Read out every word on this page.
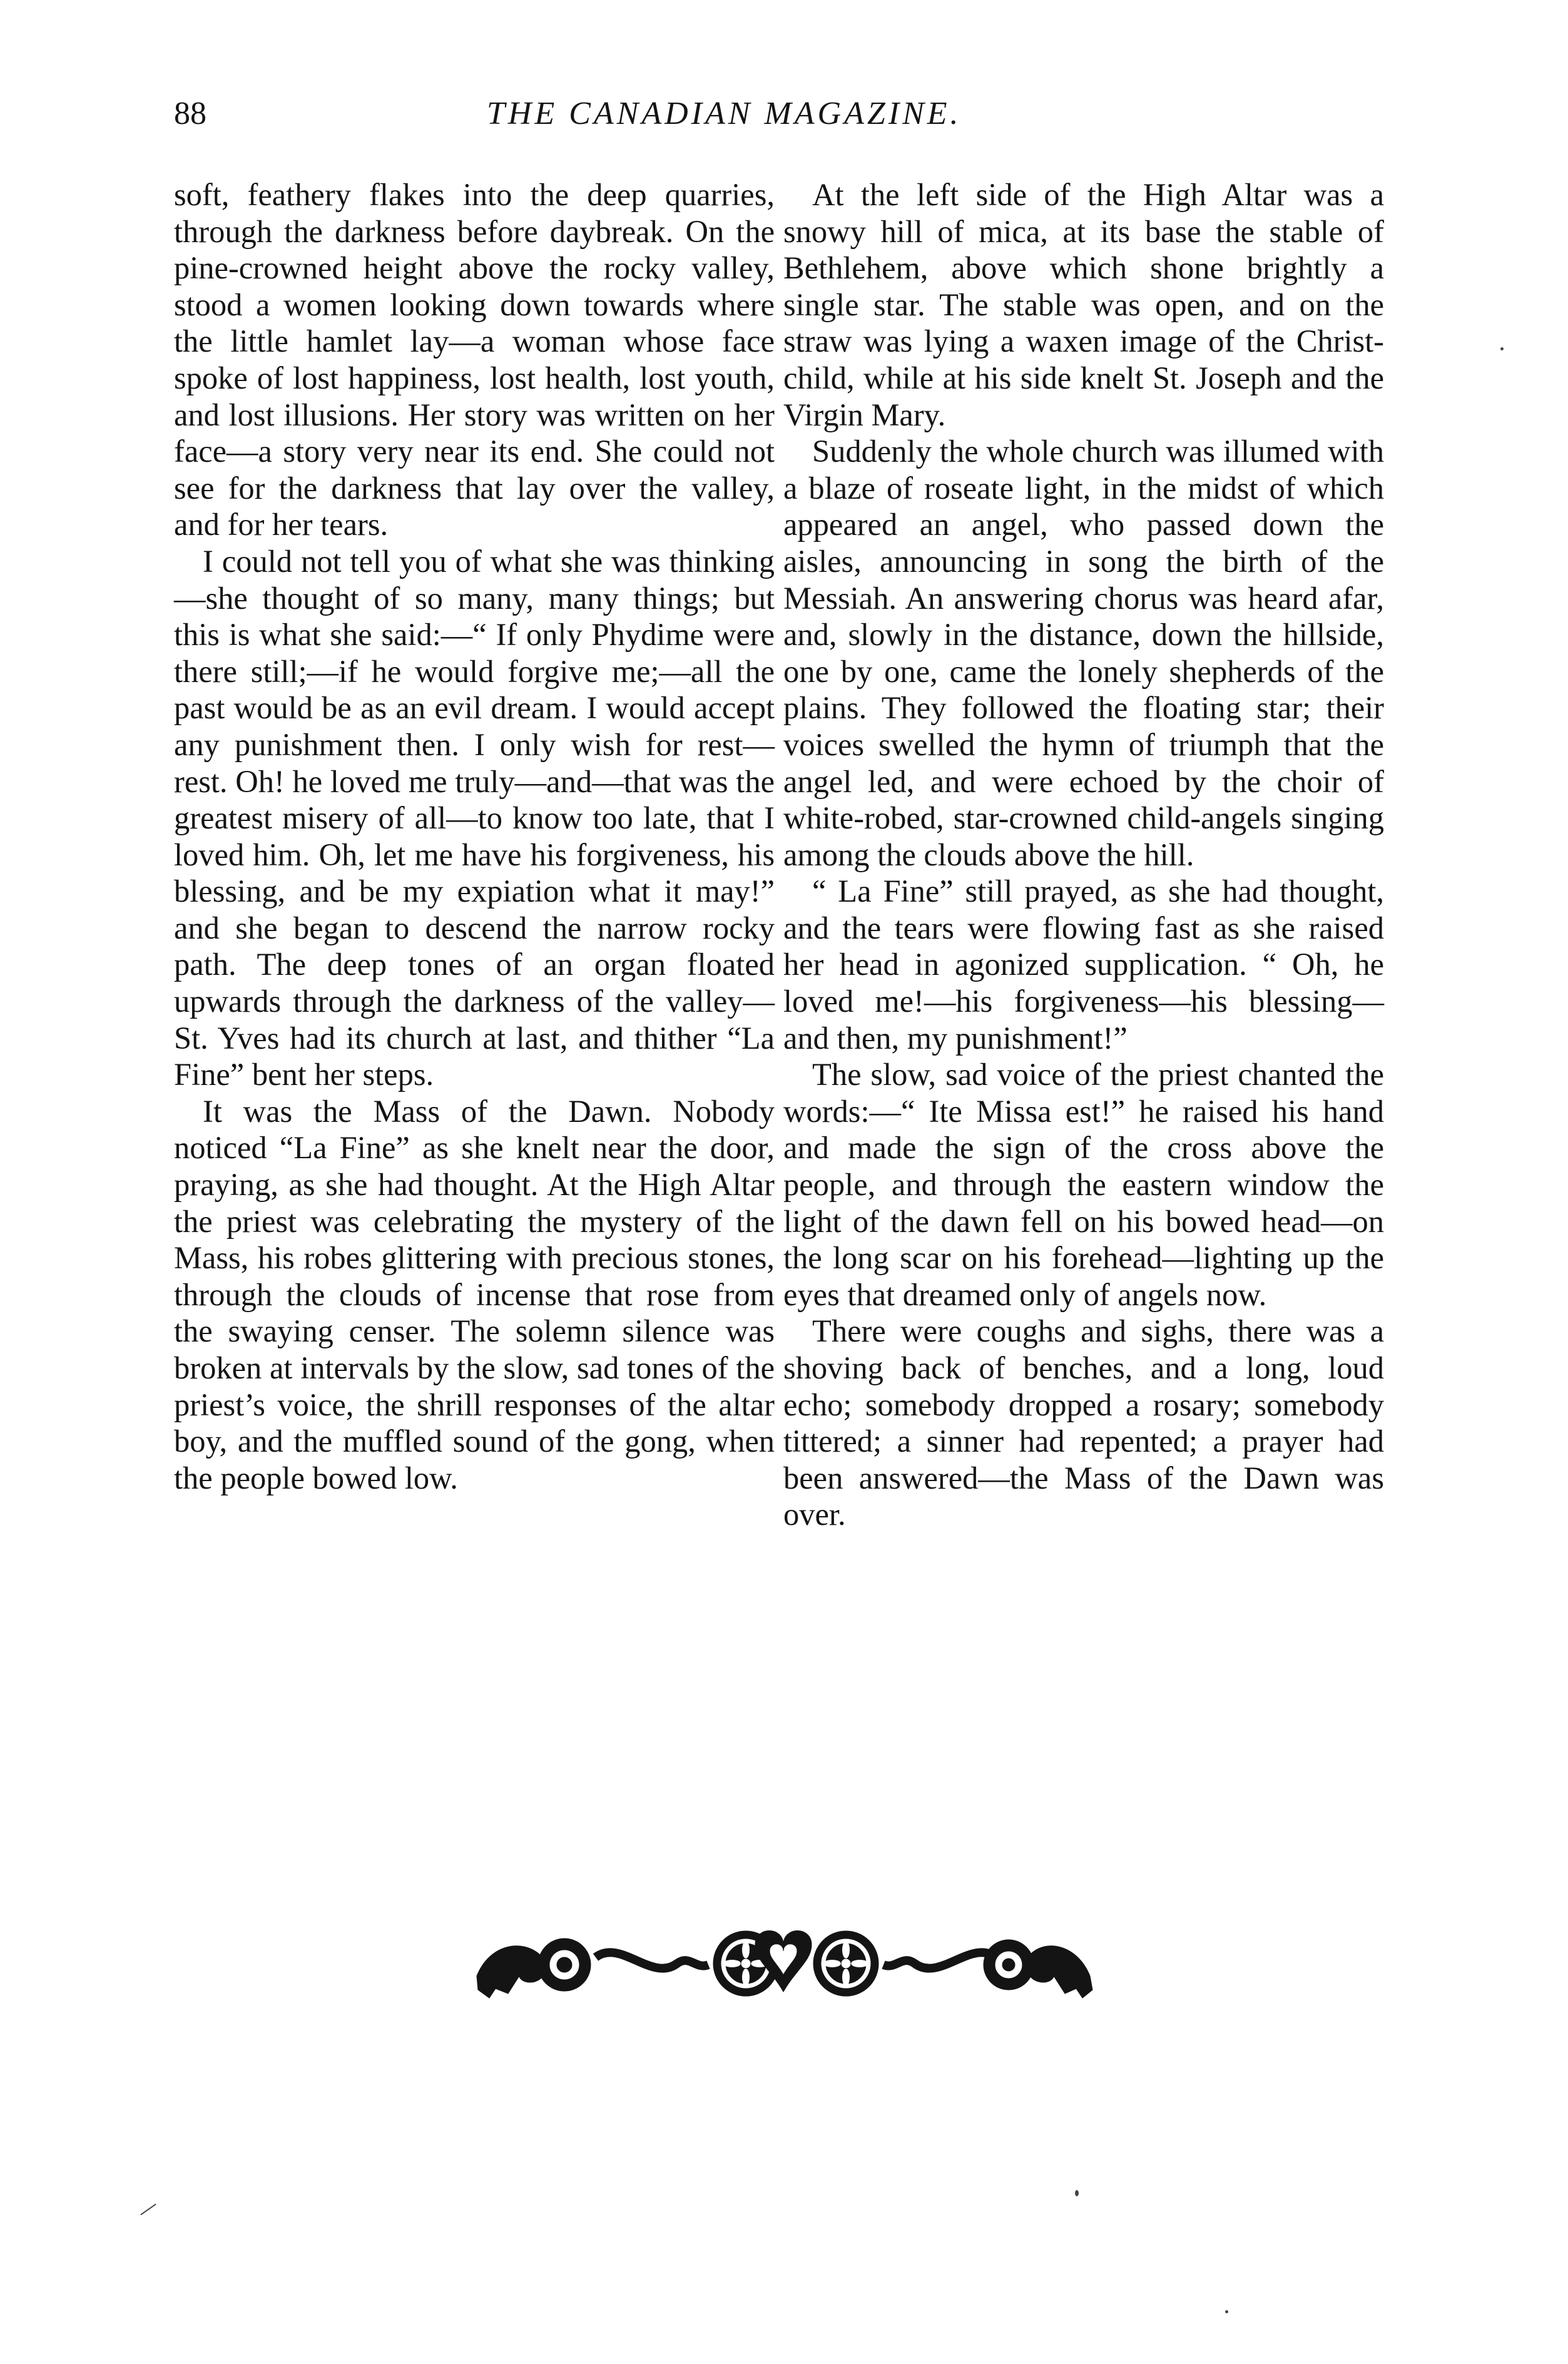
88	THE CANADIAN MAGAZINE.

soft, feathery flakes into the deep quarries, through the darkness before daybreak. On the pine-crowned height above the rocky valley, stood a women looking down towards where the little hamlet lay—a woman whose face spoke of lost happiness, lost health, lost youth, and lost illusions. Her story was written on her face—a story very near its end. She could not see for the darkness that lay over the valley, and for her tears.

I could not tell you of what she was thinking—she thought of so many, many things; but this is what she said:—“ If only Phydime were there still;—if he would forgive me;—all the past would be as an evil dream. I would accept any punishment then. I only wish for rest—rest. Oh! he loved me truly—and—that was the greatest misery of all—to know too late, that I loved him. Oh, let me have his forgiveness, his blessing, and be my expiation what it may!” and she began to descend the narrow rocky path. The deep tones of an organ floated upwards through the darkness of the valley—St. Yves had its church at last, and thither “La Fine” bent her steps.

It was the Mass of the Dawn. Nobody noticed “La Fine” as she knelt near the door, praying, as she had thought. At the High Altar the priest was celebrating the mystery of the Mass, his robes glittering with precious stones, through the clouds of incense that rose from the swaying censer. The solemn silence was broken at intervals by the slow, sad tones of the priest’s voice, the shrill responses of the altar boy, and the muffled sound of the gong, when the people bowed low.

At the left side of the High Altar was a snowy hill of mica, at its base the stable of Bethlehem, above which shone brightly a single star. The stable was open, and on the straw was lying a waxen image of the Christ-child, while at his side knelt St. Joseph and the Virgin Mary.

Suddenly the whole church was illumed with a blaze of roseate light, in the midst of which appeared an angel, who passed down the aisles, announcing in song the birth of the Messiah. An answering chorus was heard afar, and, slowly in the distance, down the hillside, one by one, came the lonely shepherds of the plains. They followed the floating star; their voices swelled the hymn of triumph that the angel led, and were echoed by the choir of white-robed, star-crowned child-angels singing among the clouds above the hill.

“ La Fine” still prayed, as she had thought, and the tears were flowing fast as she raised her head in agonized supplication. “ Oh, he loved me!—his forgiveness—his blessing—and then, my punishment!”

The slow, sad voice of the priest chanted the words:—“ Ite Missa est!” he raised his hand and made the sign of the cross above the people, and through the eastern window the light of the dawn fell on his bowed head—on the long scar on his forehead—lighting up the eyes that dreamed only of angels now.

There were coughs and sighs, there was a shoving back of benches, and a long, loud echo; somebody dropped a rosary; somebody tittered; a sinner had repented; a prayer had been answered—the Mass of the Dawn was over.
